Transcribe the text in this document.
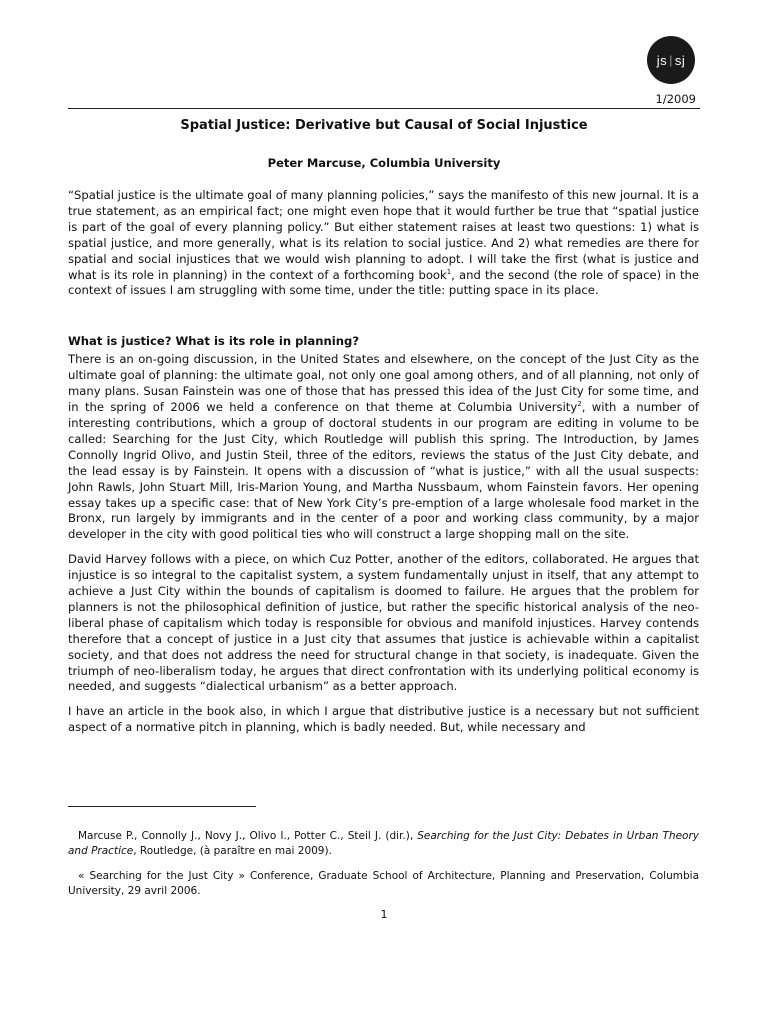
js | sj
1/2009
Spatial Justice: Derivative but Causal of Social Injustice
Peter Marcuse, Columbia University

“Spatial justice is the ultimate goal of many planning policies,” says the manifesto of this new journal. It is a true statement, as an empirical fact; one might even hope that it would further be true that “spatial justice is part of the goal of every planning policy.” But either statement raises at least two questions: 1) what is spatial justice, and more generally, what is its relation to social justice. And 2) what remedies are there for spatial and social injustices that we would wish planning to adopt. I will take the first (what is justice and what is its role in planning) in the context of a forthcoming book$^1$, and the second (the role of space) in the context of issues I am struggling with some time, under the title: putting space in its place.

What is justice? What is its role in planning?

There is an on-going discussion, in the United States and elsewhere, on the concept of the Just City as the ultimate goal of planning: the ultimate goal, not only one goal among others, and of all planning, not only of many plans. Susan Fainstein was one of those that has pressed this idea of the Just City for some time, and in the spring of 2006 we held a conference on that theme at Columbia University$^2$, with a number of interesting contributions, which a group of doctoral students in our program are editing in volume to be called: Searching for the Just City, which Routledge will publish this spring. The Introduction, by James Connolly Ingrid Olivo, and Justin Steil, three of the editors, reviews the status of the Just City debate, and the lead essay is by Fainstein. It opens with a discussion of “what is justice,” with all the usual suspects: John Rawls, John Stuart Mill, Iris-Marion Young, and Martha Nussbaum, whom Fainstein favors. Her opening essay takes up a specific case: that of New York City’s pre-emption of a large wholesale food market in the Bronx, run largely by immigrants and in the center of a poor and working class community, by a major developer in the city with good political ties who will construct a large shopping mall on the site.

David Harvey follows with a piece, on which Cuz Potter, another of the editors, collaborated. He argues that injustice is so integral to the capitalist system, a system fundamentally unjust in itself, that any attempt to achieve a Just City within the bounds of capitalism is doomed to failure. He argues that the problem for planners is not the philosophical definition of justice, but rather the specific historical analysis of the neo-liberal phase of capitalism which today is responsible for obvious and manifold injustices. Harvey contends therefore that a concept of justice in a Just city that assumes that justice is achievable within a capitalist society, and that does not address the need for structural change in that society, is inadequate. Given the triumph of neo-liberalism today, he argues that direct confrontation with its underlying political economy is needed, and suggests “dialectical urbanism” as a better approach.

I have an article in the book also, in which I argue that distributive justice is a necessary but not sufficient aspect of a normative pitch in planning, which is badly needed. But, while necessary and

Marcuse P., Connolly J., Novy J., Olivo I., Potter C., Steil J. (dir.), Searching for the Just City: Debates in Urban Theory and Practice, Routledge, (à paraître en mai 2009).

« Searching for the Just City » Conference, Graduate School of Architecture, Planning and Preservation, Columbia University, 29 avril 2006.

1
